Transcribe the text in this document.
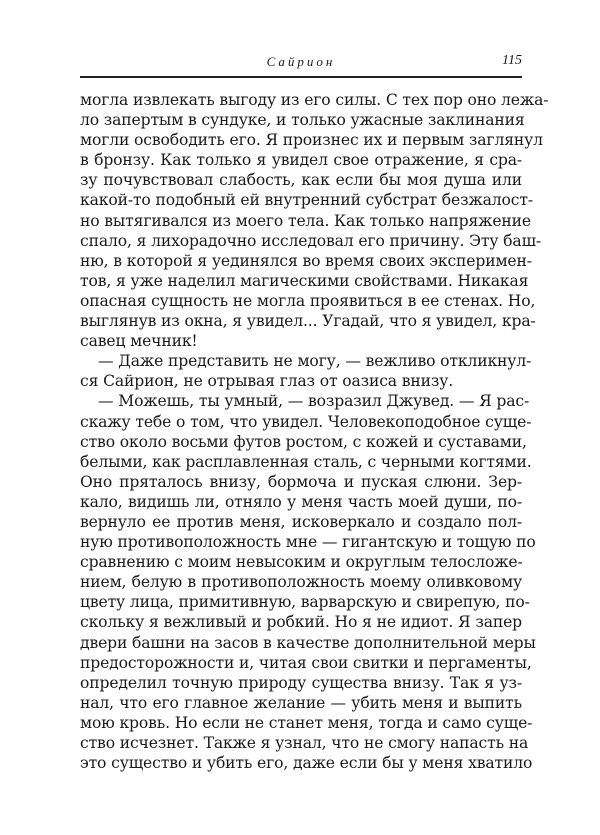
Сайрион	115
могла извлекать выгоду из его силы. С тех пор оно лежа-
ло запертым в сундуке, и только ужасные заклинания
могли освободить его. Я произнес их и первым заглянул
в бронзу. Как только я увидел свое отражение, я сра-
зу почувствовал слабость, как если бы моя душа или
какой-то подобный ей внутренний субстрат безжалост-
но вытягивался из моего тела. Как только напряжение
спало, я лихорадочно исследовал его причину. Эту баш-
ню, в которой я уединялся во время своих эксперимен-
тов, я уже наделил магическими свойствами. Никакая
опасная сущность не могла проявиться в ее стенах. Но,
выглянув из окна, я увидел... Угадай, что я увидел, кра-
савец мечник!
— Даже представить не могу, — вежливо откликнул-
ся Сайрион, не отрывая глаз от оазиса внизу.
— Можешь, ты умный, — возразил Джувед. — Я рас-
скажу тебе о том, что увидел. Человекоподобное суще-
ство около восьми футов ростом, с кожей и суставами,
белыми, как расплавленная сталь, с черными когтями.
Оно пряталось внизу, бормоча и пуская слюни. Зер-
кало, видишь ли, отняло у меня часть моей души, по-
вернуло ее против меня, исковеркало и создало пол-
ную противоположность мне — гигантскую и тощую по
сравнению с моим невысоким и округлым телосложе-
нием, белую в противоположность моему оливковому
цвету лица, примитивную, варварскую и свирепую, по-
скольку я вежливый и робкий. Но я не идиот. Я запер
двери башни на засов в качестве дополнительной меры
предосторожности и, читая свои свитки и пергаменты,
определил точную природу существа внизу. Так я уз-
нал, что его главное желание — убить меня и выпить
мою кровь. Но если не станет меня, тогда и само суще-
ство исчезнет. Также я узнал, что не смогу напасть на
это существо и убить его, даже если бы у меня хватило
